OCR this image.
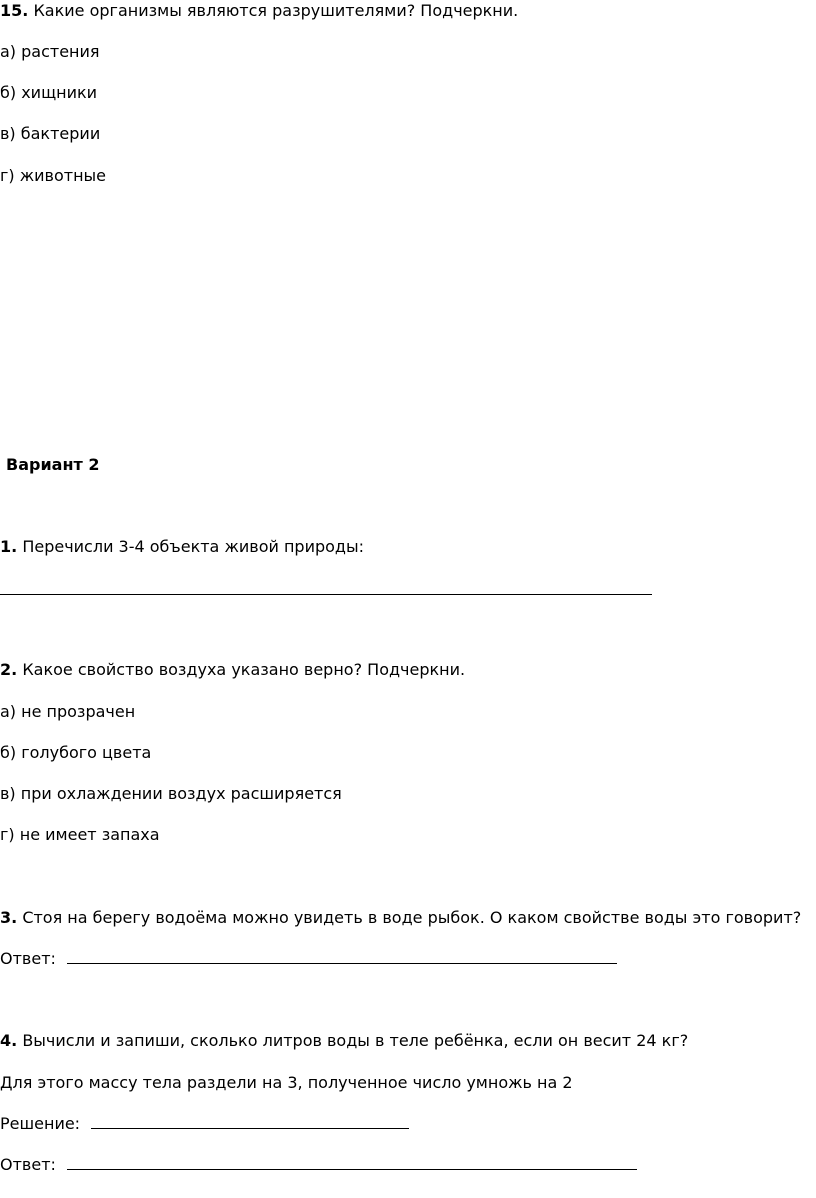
15. Какие организмы являются разрушителями? Подчеркни.
а) растения
б) хищники
в) бактерии
г) животные
Вариант 2
1. Перечисли 3-4 объекта живой природы:
2. Какое свойство воздуха указано верно? Подчеркни.
а) не прозрачен
б) голубого цвета
в) при охлаждении воздух расширяется
г) не имеет запаха
3. Стоя на берегу водоёма можно увидеть в воде рыбок. О каком свойстве воды это говорит?
Ответ:
4. Вычисли и запиши, сколько литров воды в теле ребёнка, если он весит 24 кг?
Для этого массу тела раздели на 3, полученное число умножь на 2
Решение:
Ответ:
